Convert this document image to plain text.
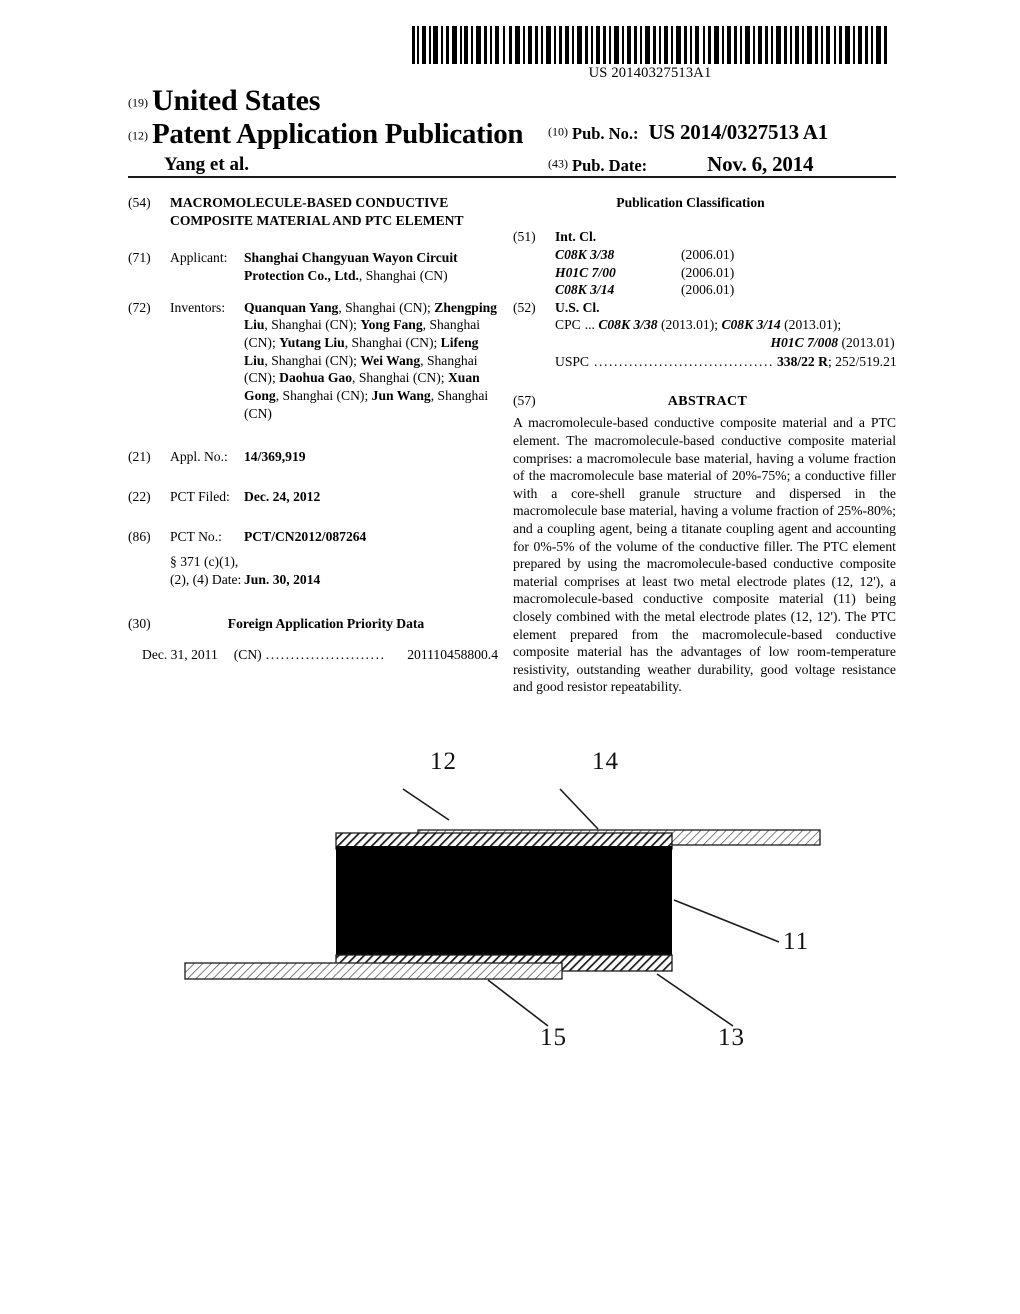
US 20140327513A1
$^{(19)}$ United States
$^{(12)}$ Patent Application Publication
Yang et al.
$^{(10)}$ Pub. No.: US 2014/0327513 A1
$^{(43)}$ Pub. Date:	Nov. 6, 2014
(54)	MACROMOLECULE-BASED CONDUCTIVE COMPOSITE MATERIAL AND PTC ELEMENT
(71)	Applicant:	Shanghai Changyuan Wayon Circuit Protection Co., Ltd., Shanghai (CN)
(72)	Inventors:	Quanquan Yang, Shanghai (CN); Zhengping Liu, Shanghai (CN); Yong Fang, Shanghai (CN); Yutang Liu, Shanghai (CN); Lifeng Liu, Shanghai (CN); Wei Wang, Shanghai (CN); Daohua Gao, Shanghai (CN); Xuan Gong, Shanghai (CN); Jun Wang, Shanghai (CN)
(21)	Appl. No.:	14/369,919
(22)	PCT Filed:	Dec. 24, 2012
(86)	PCT No.:	PCT/CN2012/087264
§ 371 (c)(1),
(2), (4) Date: Jun. 30, 2014
(30)	Foreign Application Priority Data
Dec. 31, 2011 (CN) ........................	201110458800.4
Publication Classification
(51)	Int. Cl.
C08K 3/38	(2006.01)
H01C 7/00	(2006.01)
C08K 3/14	(2006.01)
(52)	U.S. Cl.
CPC ... C08K 3/38 (2013.01); C08K 3/14 (2013.01);
H01C 7/008 (2013.01)
USPC .................................... 338/22 R; 252/519.21
(57)	ABSTRACT
A macromolecule-based conductive composite material and a PTC element. The macromolecule-based conductive composite material comprises: a macromolecule base material, having a volume fraction of the macromolecule base material of 20%-75%; a conductive filler with a core-shell granule structure and dispersed in the macromolecule base material, having a volume fraction of 25%-80%; and a coupling agent, being a titanate coupling agent and accounting for 0%-5% of the volume of the conductive filler. The PTC element prepared by using the macromolecule-based conductive composite material comprises at least two metal electrode plates (12, 12'), a macromolecule-based conductive composite material (11) being closely combined with the metal electrode plates (12, 12'). The PTC element prepared from the macromolecule-based conductive composite material has the advantages of low room-temperature resistivity, outstanding weather durability, good voltage resistance and good resistor repeatability.
12	14
11
15	13
